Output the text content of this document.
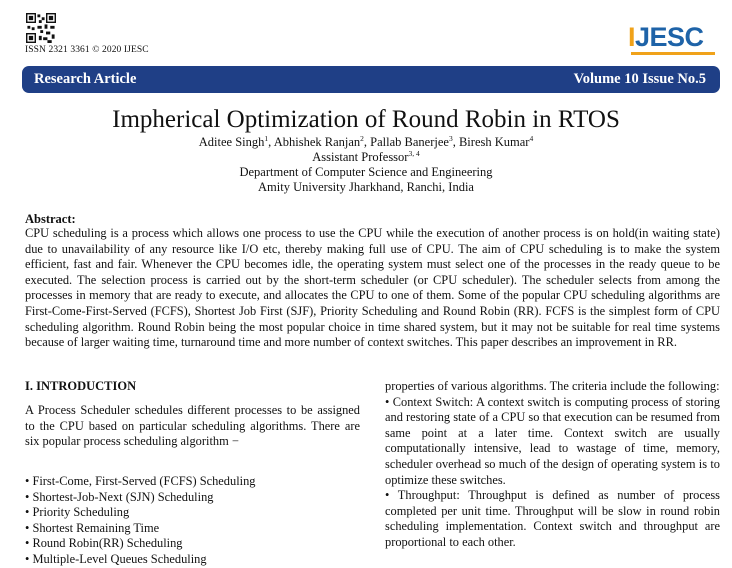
ISSN 2321 3361 © 2020 IJESC	IJESC
Research Article	Volume 10 Issue No.5
Impherical Optimization of Round Robin in RTOS
Aditee Singh$^1$, Abhishek Ranjan$^2$, Pallab Banerjee$^3$, Biresh Kumar$^4$
Assistant Professor$^{3, 4}$
Department of Computer Science and Engineering
Amity University Jharkhand, Ranchi, India
Abstract:
CPU scheduling is a process which allows one process to use the CPU while the execution of another process is on hold(in waiting state) due to unavailability of any resource like I/O etc, thereby making full use of CPU. The aim of CPU scheduling is to make the system efficient, fast and fair. Whenever the CPU becomes idle, the operating system must select one of the processes in the ready queue to be executed. The selection process is carried out by the short-term scheduler (or CPU scheduler). The scheduler selects from among the processes in memory that are ready to execute, and allocates the CPU to one of them. Some of the popular CPU scheduling algorithms are First-Come-First-Served (FCFS), Shortest Job First (SJF), Priority Scheduling and Round Robin (RR). FCFS is the simplest form of CPU scheduling algorithm. Round Robin being the most popular choice in time shared system, but it may not be suitable for real time systems because of larger waiting time, turnaround time and more number of context switches. This paper describes an improvement in RR.
I. INTRODUCTION
A Process Scheduler schedules different processes to be assigned to the CPU based on particular scheduling algorithms. There are six popular process scheduling algorithm −
• First-Come, First-Served (FCFS) Scheduling
• Shortest-Job-Next (SJN) Scheduling
• Priority Scheduling
• Shortest Remaining Time
• Round Robin(RR) Scheduling
• Multiple-Level Queues Scheduling
properties of various algorithms. The criteria include the following:
• Context Switch: A context switch is computing process of storing and restoring state of a CPU so that execution can be resumed from same point at a later time. Context switch are usually computationally intensive, lead to wastage of time, memory, scheduler overhead so much of the design of operating system is to optimize these switches.
• Throughput: Throughput is defined as number of process completed per unit time. Throughput will be slow in round robin scheduling implementation. Context switch and throughput are proportional to each other.
